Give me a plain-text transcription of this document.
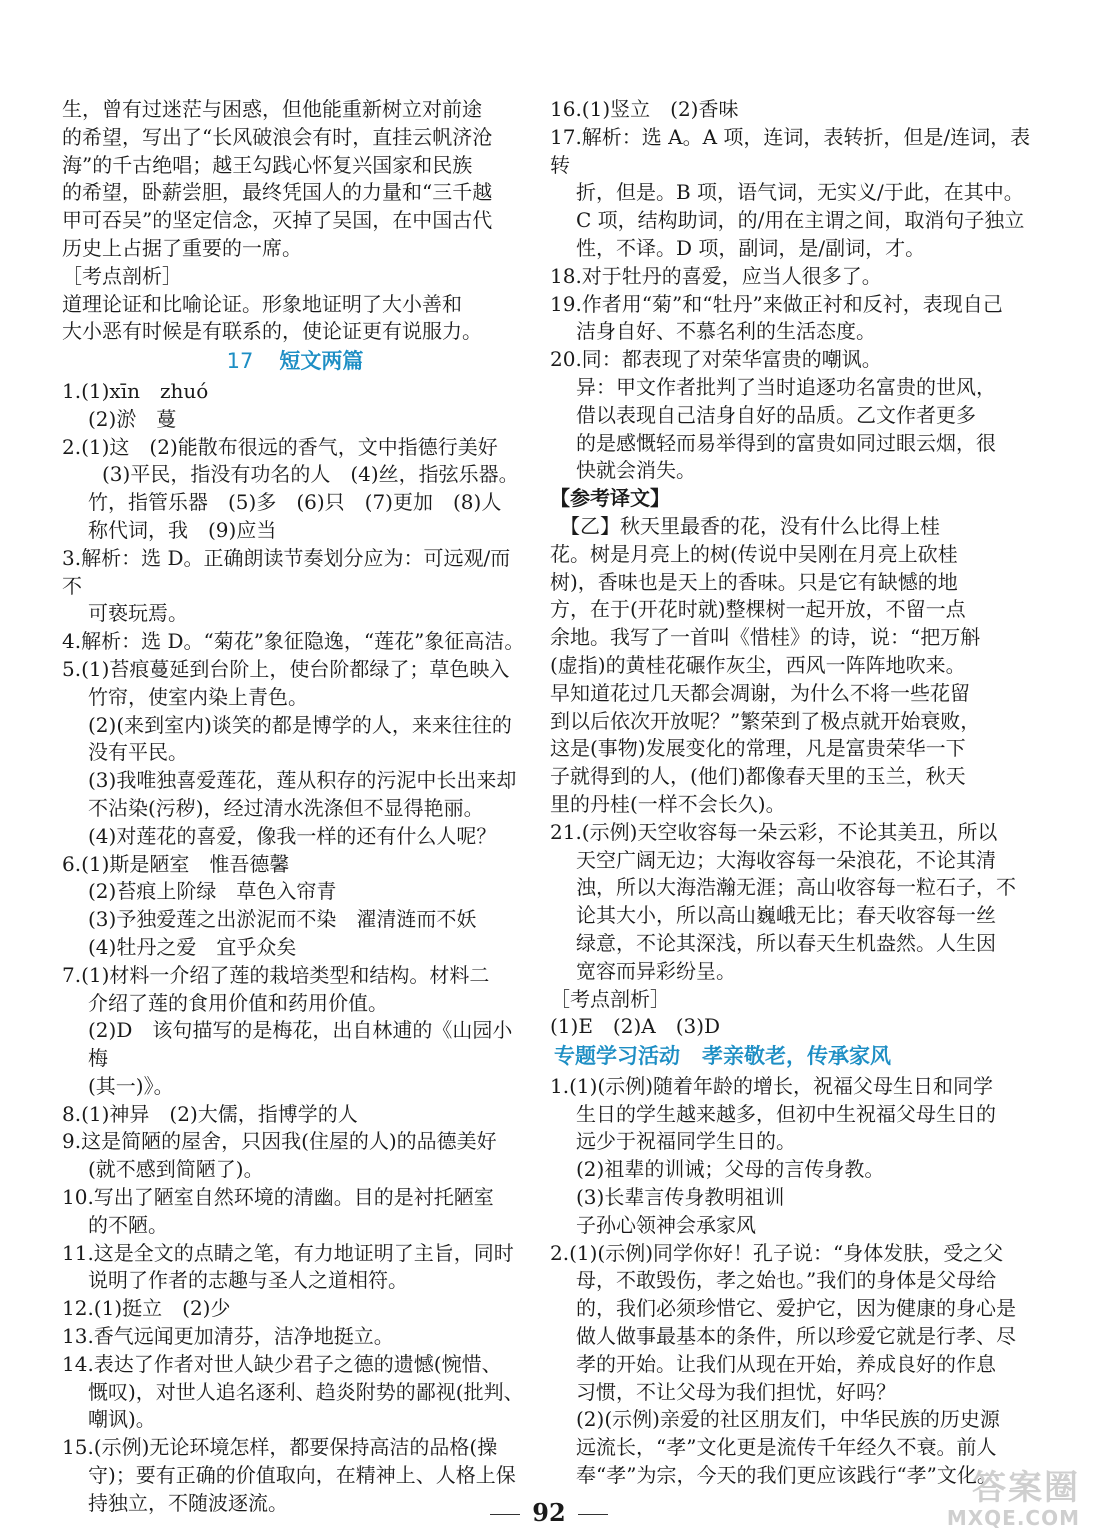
生，曾有过迷茫与困惑，但他能重新树立对前途

的希望，写出了“长风破浪会有时，直挂云帆济沧

海”的千古绝唱；越王勾践心怀复兴国家和民族

的希望，卧薪尝胆，最终凭国人的力量和“三千越

甲可吞吴”的坚定信念，灭掉了吴国，在中国古代

历史上占据了重要的一席。

［考点剖析］

道理论证和比喻论证。形象地证明了大小善和

大小恶有时候是有联系的，使论证更有说服力。

17 短文两篇

1.(1)xīn　zhuó

(2)淤　蔓

2.(1)这　(2)能散布很远的香气，文中指德行美好

(3)平民，指没有功名的人　(4)丝，指弦乐器。

竹，指管乐器　(5)多　(6)只　(7)更加　(8)人

称代词，我　(9)应当

3.解析：选 D。正确朗读节奏划分应为：可远观/而不

可亵玩焉。

4.解析：选 D。“菊花”象征隐逸，“莲花”象征高洁。

5.(1)苔痕蔓延到台阶上，使台阶都绿了；草色映入

竹帘，使室内染上青色。

(2)(来到室内)谈笑的都是博学的人，来来往往的

没有平民。

(3)我唯独喜爱莲花，莲从积存的污泥中长出来却

不沾染(污秽)，经过清水洗涤但不显得艳丽。

(4)对莲花的喜爱，像我一样的还有什么人呢？

6.(1)斯是陋室　惟吾德馨

(2)苔痕上阶绿　草色入帘青

(3)予独爱莲之出淤泥而不染　濯清涟而不妖

(4)牡丹之爱　宜乎众矣

7.(1)材料一介绍了莲的栽培类型和结构。材料二

介绍了莲的食用价值和药用价值。

(2)D　该句描写的是梅花，出自林逋的《山园小梅

(其一)》。

8.(1)神异　(2)大儒，指博学的人

9.这是简陋的屋舍，只因我(住屋的人)的品德美好

(就不感到简陋了)。

10.写出了陋室自然环境的清幽。目的是衬托陋室

的不陋。

11.这是全文的点睛之笔，有力地证明了主旨，同时

说明了作者的志趣与圣人之道相符。

12.(1)挺立　(2)少

13.香气远闻更加清芬，洁净地挺立。

14.表达了作者对世人缺少君子之德的遗憾(惋惜、

慨叹)，对世人追名逐利、趋炎附势的鄙视(批判、

嘲讽)。

15.(示例)无论环境怎样，都要保持高洁的品格(操

守)；要有正确的价值取向，在精神上、人格上保

持独立，不随波逐流。

16.(1)竖立　(2)香味

17.解析：选 A。A 项，连词，表转折，但是/连词，表转

折，但是。B 项，语气词，无实义/于此，在其中。

C 项，结构助词，的/用在主谓之间，取消句子独立

性，不译。D 项，副词，是/副词，才。

18.对于牡丹的喜爱，应当人很多了。

19.作者用“菊”和“牡丹”来做正衬和反衬，表现自己

洁身自好、不慕名利的生活态度。

20.同：都表现了对荣华富贵的嘲讽。

异：甲文作者批判了当时追逐功名富贵的世风，

借以表现自己洁身自好的品质。乙文作者更多

的是感慨轻而易举得到的富贵如同过眼云烟，很

快就会消失。

【参考译文】

　【乙】秋天里最香的花，没有什么比得上桂

花。树是月亮上的树(传说中吴刚在月亮上砍桂

树)，香味也是天上的香味。只是它有缺憾的地

方，在于(开花时就)整棵树一起开放，不留一点

余地。我写了一首叫《惜桂》的诗，说：“把万斛

(虚指)的黄桂花碾作灰尘，西风一阵阵地吹来。

早知道花过几天都会凋谢，为什么不将一些花留

到以后依次开放呢？”繁荣到了极点就开始衰败，

这是(事物)发展变化的常理，凡是富贵荣华一下

子就得到的人，(他们)都像春天里的玉兰，秋天

里的丹桂(一样不会长久)。

21.(示例)天空收容每一朵云彩，不论其美丑，所以

天空广阔无边；大海收容每一朵浪花，不论其清

浊，所以大海浩瀚无涯；高山收容每一粒石子，不

论其大小，所以高山巍峨无比；春天收容每一丝

绿意，不论其深浅，所以春天生机盎然。人生因

宽容而异彩纷呈。

［考点剖析］

(1)E　(2)A　(3)D

专题学习活动 孝亲敬老，传承家风

1.(1)(示例)随着年龄的增长，祝福父母生日和同学

生日的学生越来越多，但初中生祝福父母生日的

远少于祝福同学生日的。

(2)祖辈的训诫；父母的言传身教。

(3)长辈言传身教明祖训

子孙心领神会承家风

2.(1)(示例)同学你好！孔子说：“身体发肤，受之父

母，不敢毁伤，孝之始也。”我们的身体是父母给

的，我们必须珍惜它、爱护它，因为健康的身心是

做人做事最基本的条件，所以珍爱它就是行孝、尽

孝的开始。让我们从现在开始，养成良好的作息

习惯，不让父母为我们担忧，好吗？

(2)(示例)亲爱的社区朋友们，中华民族的历史源

远流长，“孝”文化更是流传千年经久不衰。前人

奉“孝”为宗，今天的我们更应该践行“孝”文化。

92
答案圈
MXQE.COM
